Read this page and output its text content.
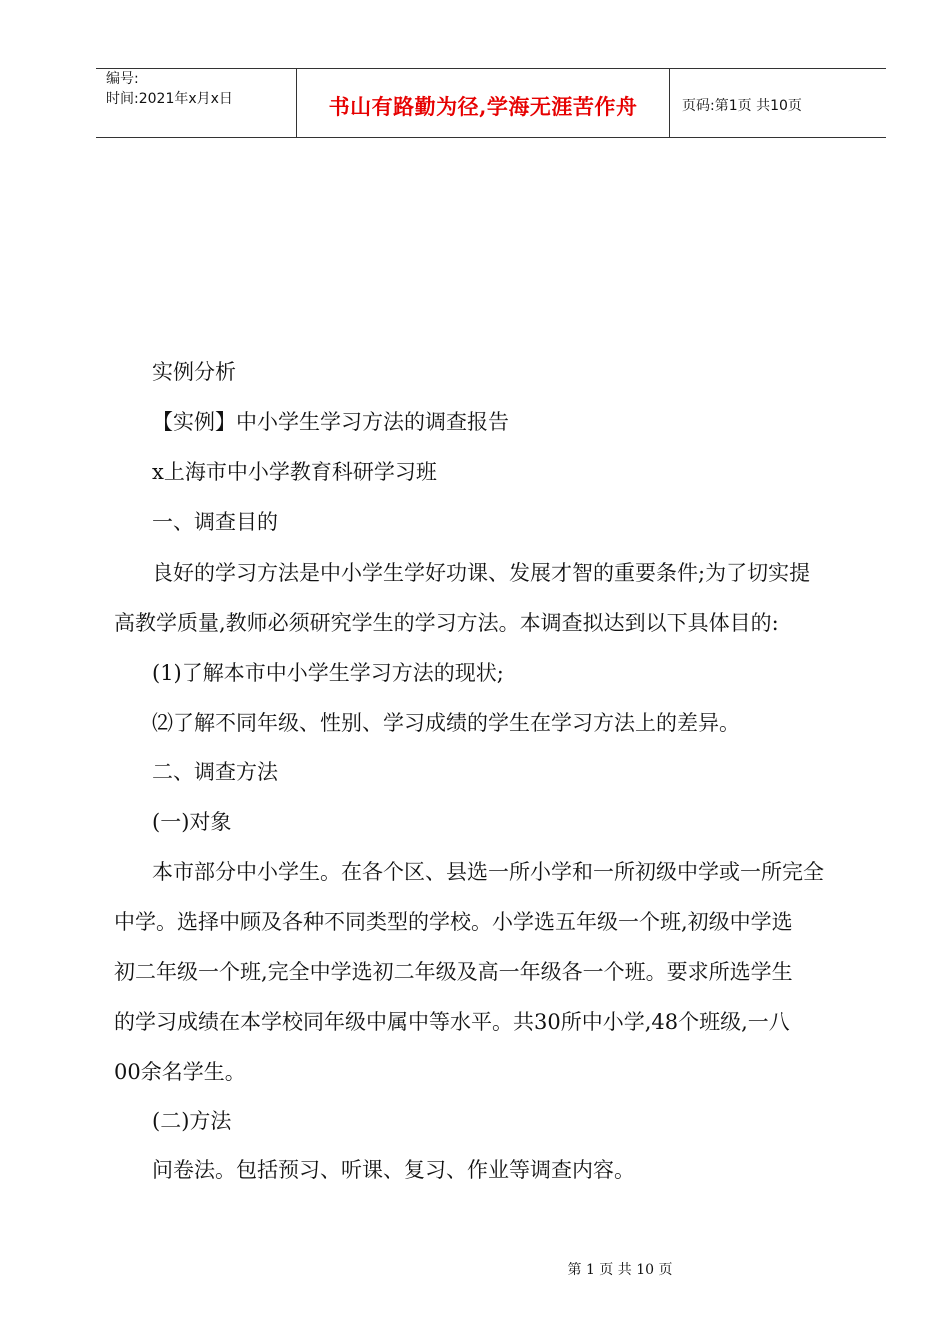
编号:
时间:2021年x月x日	书山有路勤为径,学海无涯苦作舟	页码:第1页 共10页
实例分析
【实例】中小学生学习方法的调查报告
x上海市中小学教育科研学习班
一、调查目的
良好的学习方法是中小学生学好功课、发展才智的重要条件;为了切实提
高教学质量,教师必须研究学生的学习方法。本调查拟达到以下具体目的:
(1)了解本市中小学生学习方法的现状;
⑵了解不同年级、性别、学习成绩的学生在学习方法上的差异。
二、调查方法
(一)对象
本市部分中小学生。在各个区、县选一所小学和一所初级中学或一所完全
中学。选择中顾及各种不同类型的学校。小学选五年级一个班,初级中学选
初二年级一个班,完全中学选初二年级及高一年级各一个班。要求所选学生
的学习成绩在本学校同年级中属中等水平。共30所中小学,48个班级,一八
00余名学生。
(二)方法
问卷法。包括预习、听课、复习、作业等调查内容。
第 1 页 共 10 页
